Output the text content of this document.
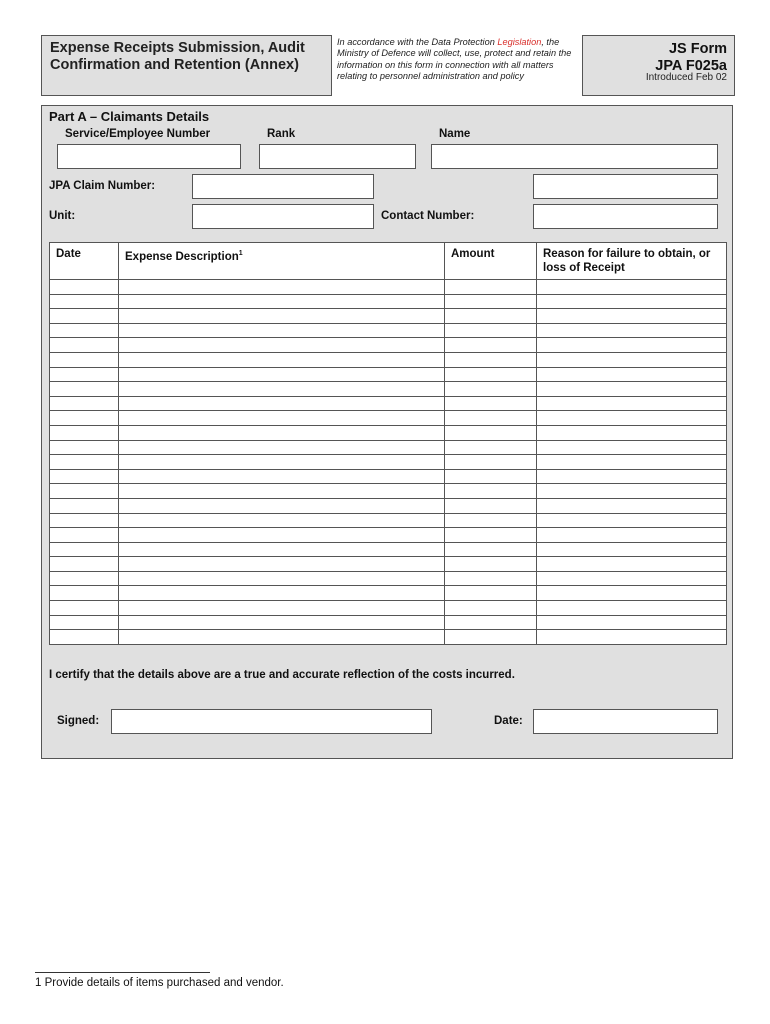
Expense Receipts Submission, Audit
Confirmation and Retention (Annex)
In accordance with the Data Protection Legislation, the Ministry of Defence will collect, use, protect and retain the information on this form in connection with all matters relating to personnel administration and policy
JS Form
JPA F025a
Introduced Feb 02
Part A – Claimants Details
Service/Employee Number	Rank	Name
JPA Claim Number:
Unit:	Contact Number:
Date	Expense Description$^1$	Amount	Reason for failure to obtain, or loss of Receipt

I certify that the details above are a true and accurate reflection of the costs incurred.
Signed:	Date:
1 Provide details of items purchased and vendor.
